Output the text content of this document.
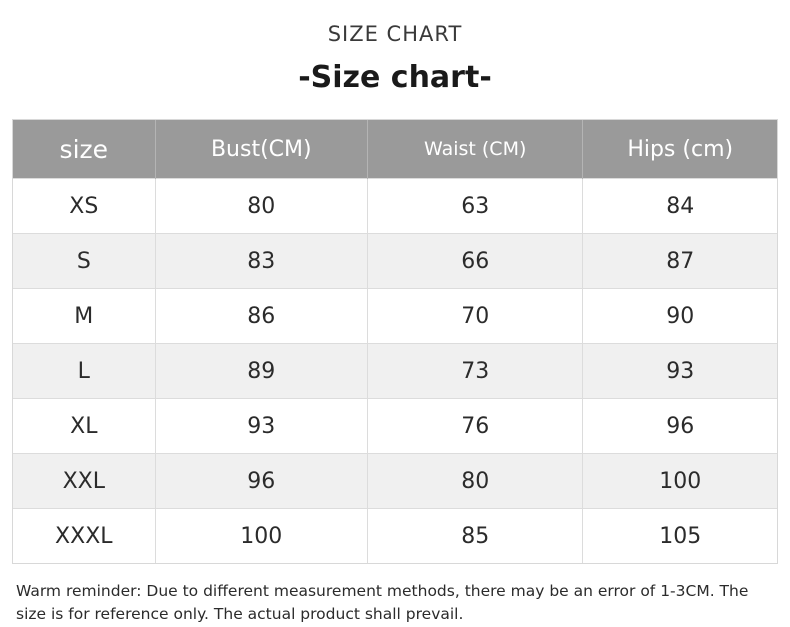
SIZE CHART
-Size chart-
size	Bust(CM)	Waist (CM)	Hips (cm)
XS	80	63	84
S	83	66	87
M	86	70	90
L	89	73	93
XL	93	76	96
XXL	96	80	100
XXXL	100	85	105
Warm reminder: Due to different measurement methods, there may be an error of 1-3CM. The size is for reference only. The actual product shall prevail.
